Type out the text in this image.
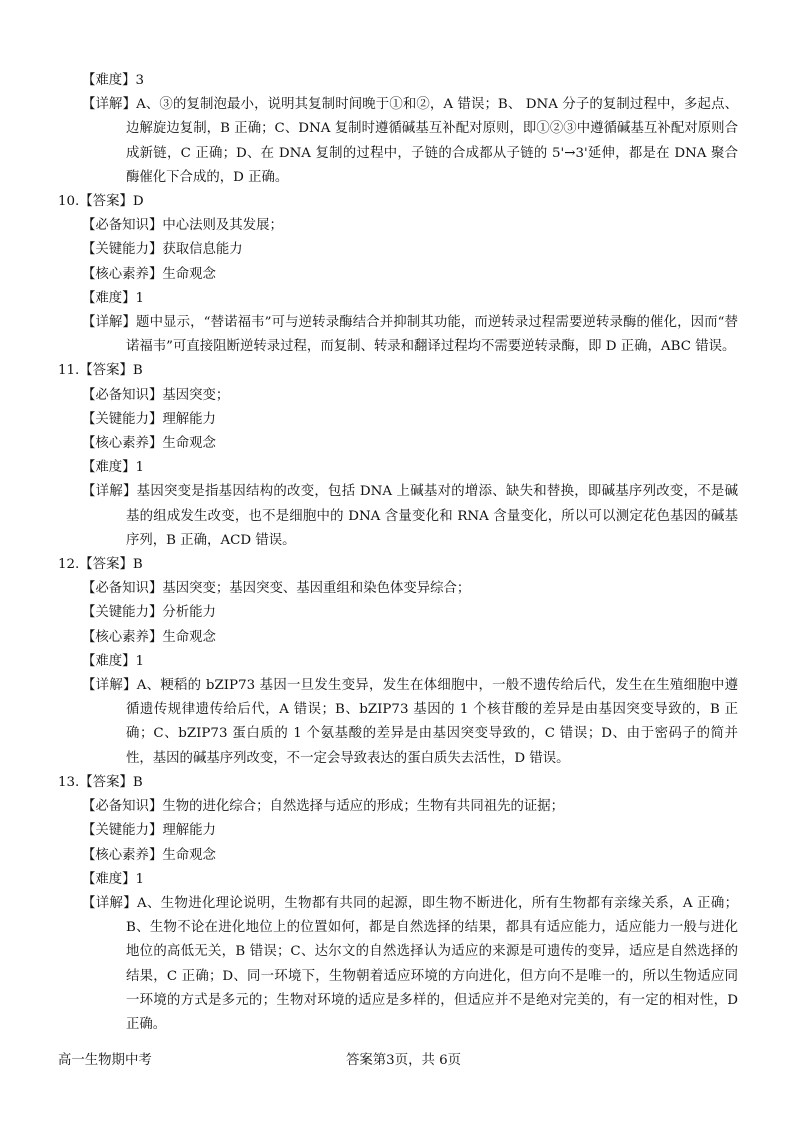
【难度】3
【详解】A、③的复制泡最小，说明其复制时间晚于①和②，A 错误；B、 DNA 分子的复制过程中，多起点、边解旋边复制，B 正确；C、DNA 复制时遵循碱基互补配对原则，即①②③中遵循碱基互补配对原则合成新链，C 正确；D、在 DNA 复制的过程中，子链的合成都从子链的 5'→3'延伸，都是在 DNA 聚合酶催化下合成的，D 正确。
10.【答案】D
【必备知识】中心法则及其发展；
【关键能力】获取信息能力
【核心素养】生命观念
【难度】1
【详解】题中显示，“替诺福韦”可与逆转录酶结合并抑制其功能，而逆转录过程需要逆转录酶的催化，因而“替诺福韦”可直接阻断逆转录过程，而复制、转录和翻译过程均不需要逆转录酶，即 D 正确，ABC 错误。
11.【答案】B
【必备知识】基因突变；
【关键能力】理解能力
【核心素养】生命观念
【难度】1
【详解】基因突变是指基因结构的改变，包括 DNA 上碱基对的增添、缺失和替换，即碱基序列改变，不是碱基的组成发生改变，也不是细胞中的 DNA 含量变化和 RNA 含量变化，所以可以测定花色基因的碱基序列，B 正确，ACD 错误。
12.【答案】B
【必备知识】基因突变；基因突变、基因重组和染色体变异综合；
【关键能力】分析能力
【核心素养】生命观念
【难度】1
【详解】A、粳稻的 bZIP73 基因一旦发生变异，发生在体细胞中，一般不遗传给后代，发生在生殖细胞中遵循遗传规律遗传给后代，A 错误；B、bZIP73 基因的 1 个核苷酸的差异是由基因突变导致的，B 正确；C、bZIP73 蛋白质的 1 个氨基酸的差异是由基因突变导致的，C 错误；D、由于密码子的简并性，基因的碱基序列改变，不一定会导致表达的蛋白质失去活性，D 错误。
13.【答案】B
【必备知识】生物的进化综合；自然选择与适应的形成；生物有共同祖先的证据；
【关键能力】理解能力
【核心素养】生命观念
【难度】1
【详解】A、生物进化理论说明，生物都有共同的起源，即生物不断进化，所有生物都有亲缘关系，A 正确；B、生物不论在进化地位上的位置如何，都是自然选择的结果，都具有适应能力，适应能力一般与进化地位的高低无关，B 错误；C、达尔文的自然选择认为适应的来源是可遗传的变异，适应是自然选择的结果，C 正确；D、同一环境下，生物朝着适应环境的方向进化，但方向不是唯一的，所以生物适应同一环境的方式是多元的；生物对环境的适应是多样的，但适应并不是绝对完美的，有一定的相对性，D 正确。
高一生物期中考	答案第3页，共 6页
